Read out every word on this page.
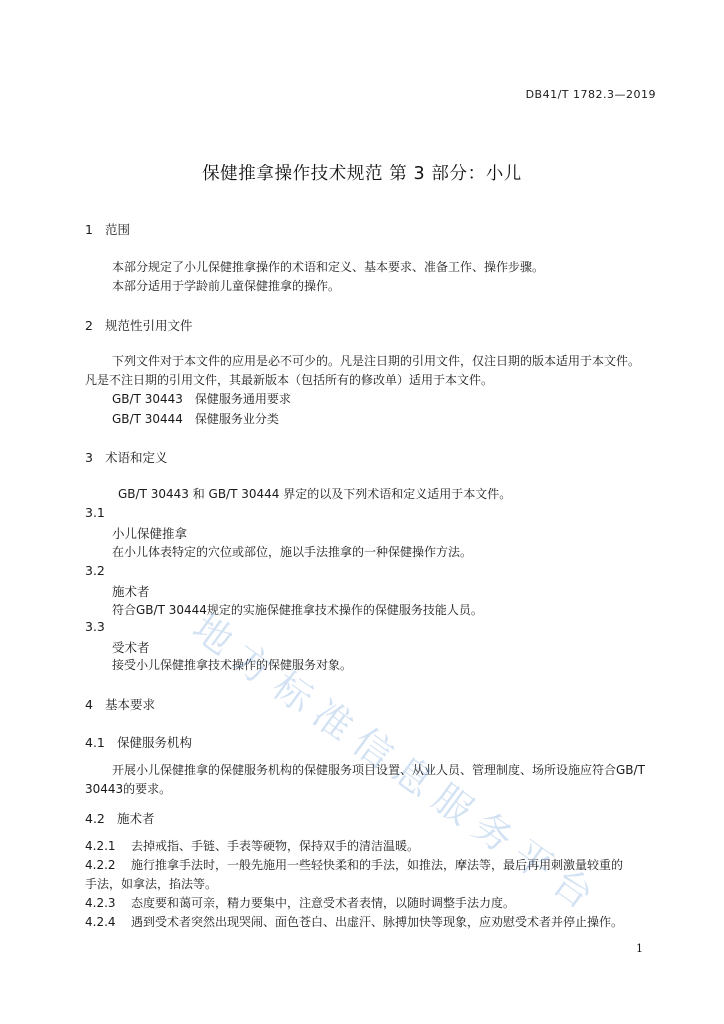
DB41/T 1782.3—2019
保健推拿操作技术规范 第 3 部分：小儿
1 范围
本部分规定了小儿保健推拿操作的术语和定义、基本要求、准备工作、操作步骤。
本部分适用于学龄前儿童保健推拿的操作。
2 规范性引用文件
下列文件对于本文件的应用是必不可少的。凡是注日期的引用文件，仅注日期的版本适用于本文件。
凡是不注日期的引用文件，其最新版本（包括所有的修改单）适用于本文件。
GB/T 30443　保健服务通用要求
GB/T 30444　保健服务业分类
3 术语和定义
GB/T 30443 和 GB/T 30444 界定的以及下列术语和定义适用于本文件。
3.1
小儿保健推拿
在小儿体表特定的穴位或部位，施以手法推拿的一种保健操作方法。
3.2
施术者
符合GB/T 30444规定的实施保健推拿技术操作的保健服务技能人员。
3.3
受术者
接受小儿保健推拿技术操作的保健服务对象。
4 基本要求
4.1 保健服务机构
开展小儿保健推拿的保健服务机构的保健服务项目设置、从业人员、管理制度、场所设施应符合GB/T
30443的要求。
4.2 施术者
4.2.1 去掉戒指、手链、手表等硬物，保持双手的清洁温暖。
4.2.2 施行推拿手法时，一般先施用一些轻快柔和的手法，如推法，摩法等，最后再用刺激量较重的
手法，如拿法，掐法等。
4.2.3 态度要和蔼可亲，精力要集中，注意受术者表情，以随时调整手法力度。
4.2.4 遇到受术者突然出现哭闹、面色苍白、出虚汗、脉搏加快等现象，应劝慰受术者并停止操作。
1
地
方
标
准
信
息
服
务
平
台
